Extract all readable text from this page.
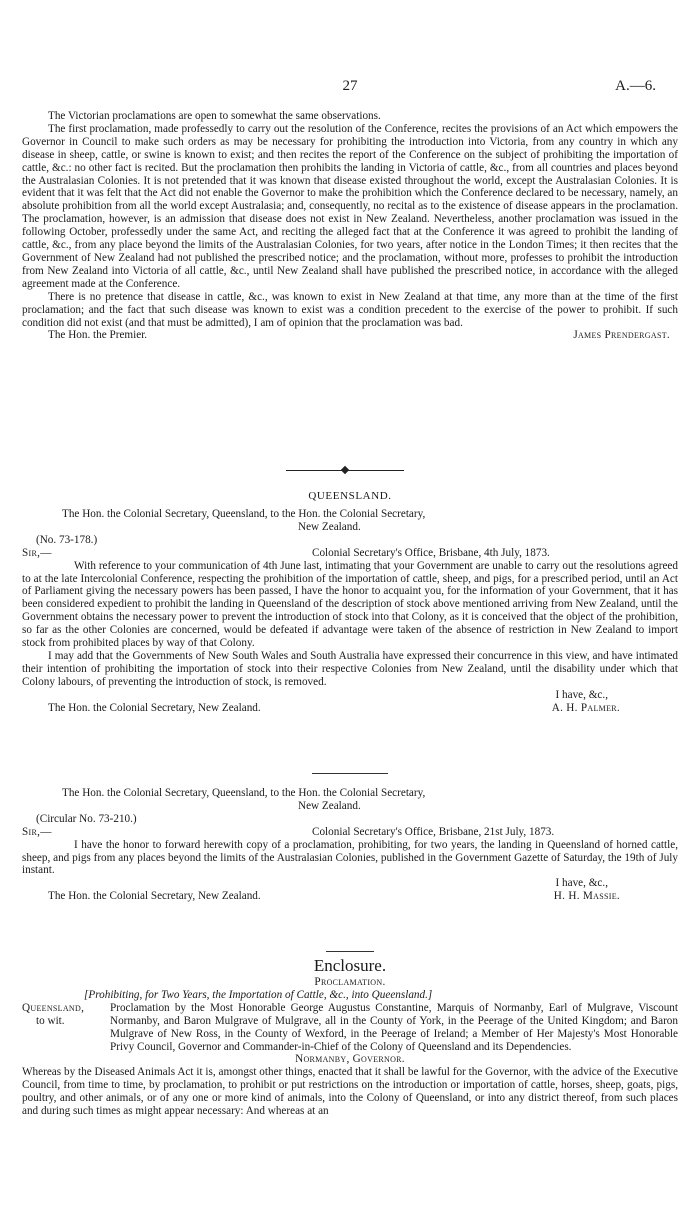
27	A.—6.

The Victorian proclamations are open to somewhat the same observations.

The first proclamation, made professedly to carry out the resolution of the Conference, recites the provisions of an Act which empowers the Governor in Council to make such orders as may be necessary for prohibiting the introduction into Victoria, from any country in which any disease in sheep, cattle, or swine is known to exist; and then recites the report of the Conference on the subject of prohibiting the importation of cattle, &c.: no other fact is recited. But the proclamation then prohibits the landing in Victoria of cattle, &c., from all countries and places beyond the Australasian Colonies. It is not pretended that it was known that disease existed throughout the world, except the Australasian Colonies. It is evident that it was felt that the Act did not enable the Governor to make the prohibition which the Conference declared to be necessary, namely, an absolute prohibition from all the world except Australasia; and, consequently, no recital as to the existence of disease appears in the proclamation. The proclamation, however, is an admission that disease does not exist in New Zealand. Nevertheless, another proclamation was issued in the following October, professedly under the same Act, and reciting the alleged fact that at the Conference it was agreed to prohibit the landing of cattle, &c., from any place beyond the limits of the Australasian Colonies, for two years, after notice in the London Times; it then recites that the Government of New Zealand had not published the prescribed notice; and the proclamation, without more, professes to prohibit the introduction from New Zealand into Victoria of all cattle, &c., until New Zealand shall have published the prescribed notice, in accordance with the alleged agreement made at the Conference.

There is no pretence that disease in cattle, &c., was known to exist in New Zealand at that time, any more than at the time of the first proclamation; and the fact that such disease was known to exist was a condition precedent to the exercise of the power to prohibit. If such condition did not exist (and that must be admitted), I am of opinion that the proclamation was bad.

The Hon. the Premier.	James Prendergast.
QUEENSLAND.
The Hon. the Colonial Secretary, Queensland, to the Hon. the Colonial Secretary,
New Zealand.
(No. 73-178.)
Sir,—	Colonial Secretary's Office, Brisbane, 4th July, 1873.

With reference to your communication of 4th June last, intimating that your Government are unable to carry out the resolutions agreed to at the late Intercolonial Conference, respecting the prohibition of the importation of cattle, sheep, and pigs, for a prescribed period, until an Act of Parliament giving the necessary powers has been passed, I have the honor to acquaint you, for the information of your Government, that it has been considered expedient to prohibit the landing in Queensland of the description of stock above mentioned arriving from New Zealand, until the Government obtains the necessary power to prevent the introduction of stock into that Colony, as it is conceived that the object of the prohibition, so far as the other Colonies are concerned, would be defeated if advantage were taken of the absence of restriction in New Zealand to import stock from prohibited places by way of that Colony.

I may add that the Governments of New South Wales and South Australia have expressed their concurrence in this view, and have intimated their intention of prohibiting the importation of stock into their respective Colonies from New Zealand, until the disability under which that Colony labours, of preventing the introduction of stock, is removed.

I have, &c.,
The Hon. the Colonial Secretary, New Zealand.	A. H. Palmer.
The Hon. the Colonial Secretary, Queensland, to the Hon. the Colonial Secretary,
New Zealand.
(Circular No. 73-210.)
Sir,—	Colonial Secretary's Office, Brisbane, 21st July, 1873.

I have the honor to forward herewith copy of a proclamation, prohibiting, for two years, the landing in Queensland of horned cattle, sheep, and pigs from any places beyond the limits of the Australasian Colonies, published in the Government Gazette of Saturday, the 19th of July instant.

I have, &c.,
The Hon. the Colonial Secretary, New Zealand.	H. H. Massie.
Enclosure.
Proclamation.
[Prohibiting, for Two Years, the Importation of Cattle, &c., into Queensland.]
Queensland,
to wit.
Proclamation by the Most Honorable George Augustus Constantine, Marquis of Normanby, Earl of Mulgrave, Viscount Normanby, and Baron Mulgrave of Mulgrave, all in the County of York, in the Peerage of the United Kingdom; and Baron Mulgrave of New Ross, in the County of Wexford, in the Peerage of Ireland; a Member of Her Majesty's Most Honorable Privy Council, Governor and Commander-in-Chief of the Colony of Queensland and its Dependencies.
Normanby, Governor.

Whereas by the Diseased Animals Act it is, amongst other things, enacted that it shall be lawful for the Governor, with the advice of the Executive Council, from time to time, by proclamation, to prohibit or put restrictions on the introduction or importation of cattle, horses, sheep, goats, pigs, poultry, and other animals, or of any one or more kind of animals, into the Colony of Queensland, or into any district thereof, from such places and during such times as might appear necessary: And whereas at an
